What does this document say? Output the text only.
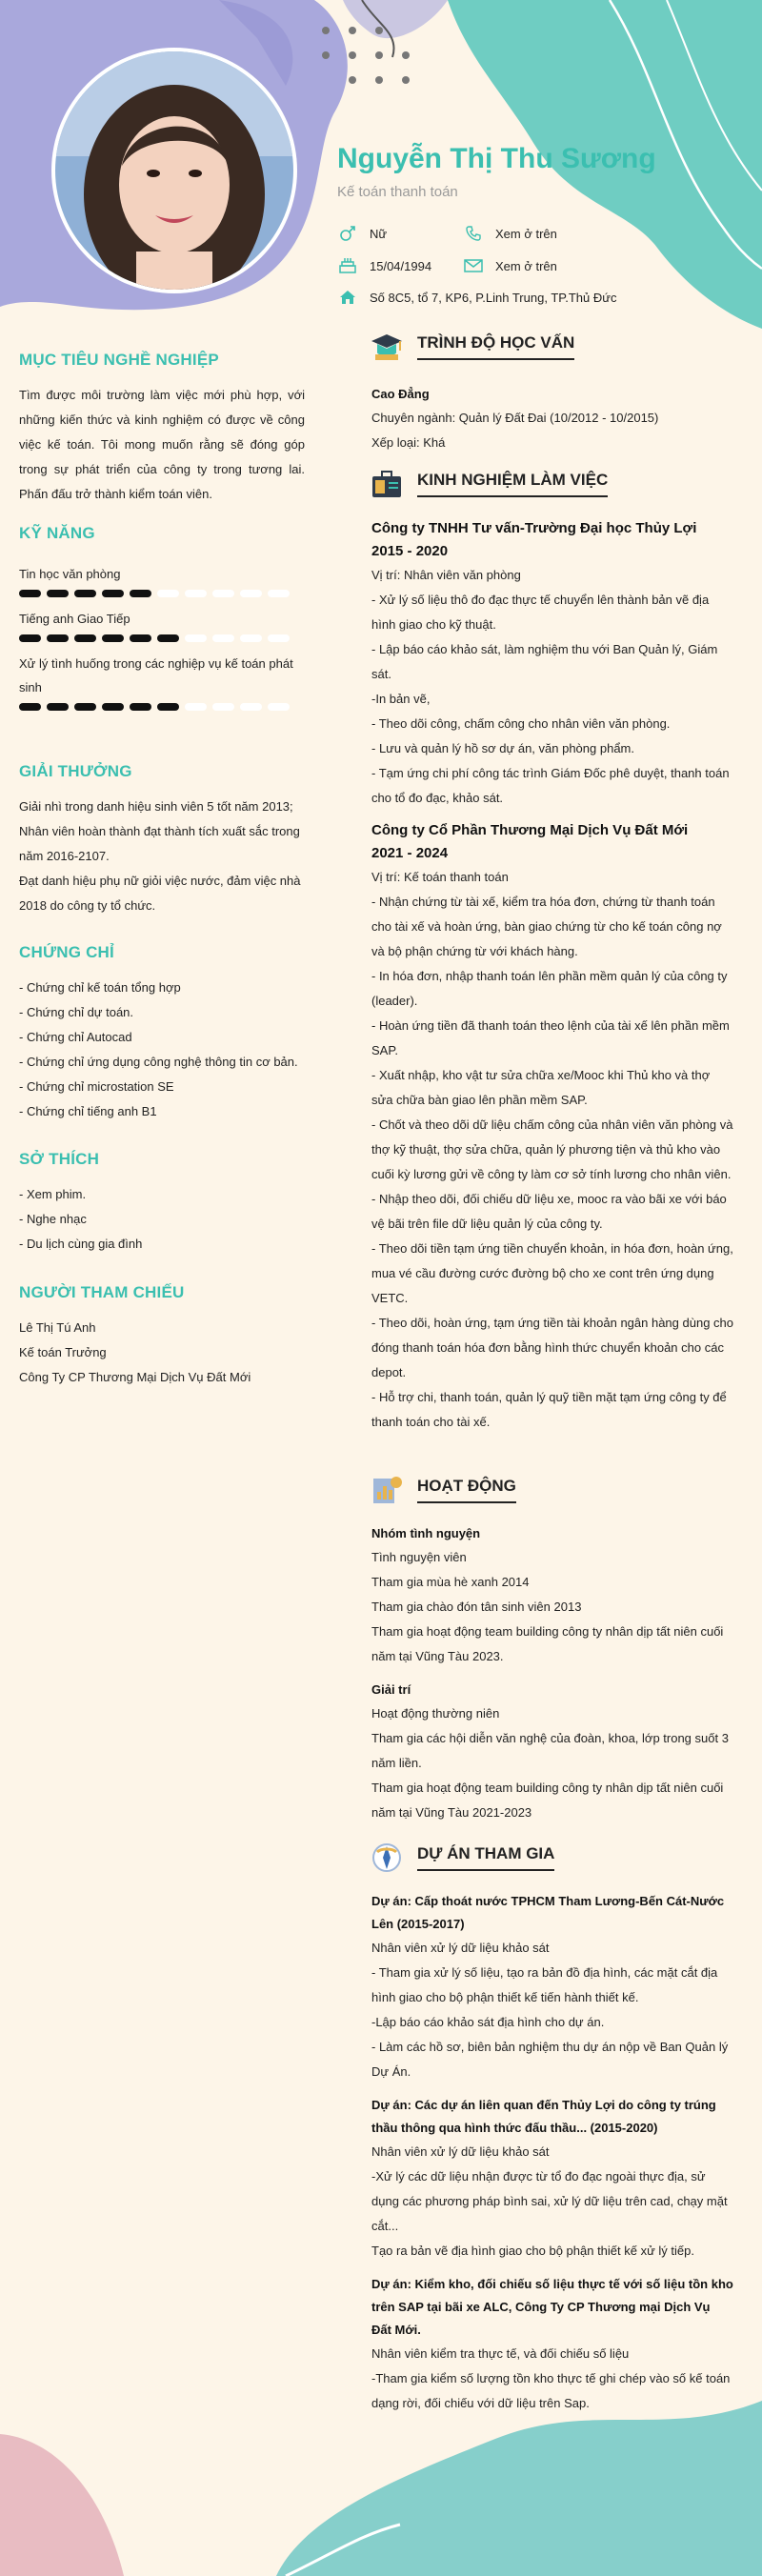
Nguyễn Thị Thu Sương
Kế toán thanh toán
Nữ	Xem ở trên
15/04/1994	Xem ở trên
Số 8C5, tổ 7, KP6, P.Linh Trung, TP.Thủ Đức
MỤC TIÊU NGHỀ NGHIỆP

Tìm được môi trường làm việc mới phù hợp, với những kiến thức và kinh nghiệm có được về công việc kế toán. Tôi mong muốn rằng sẽ đóng góp trong sự phát triển của công ty trong tương lai. Phấn đấu trở thành kiểm toán viên.

KỸ NĂNG
Tin học văn phòng
Tiếng anh Giao Tiếp
Xử lý tình huống trong các nghiệp vụ kế toán phát sinh
GIẢI THƯỞNG

Giải nhì trong danh hiệu sinh viên 5 tốt năm 2013;

Nhân viên hoàn thành đạt thành tích xuất sắc trong năm 2016-2107.

Đạt danh hiệu phụ nữ giỏi việc nước, đảm việc nhà 2018 do công ty tổ chức.

CHỨNG CHỈ
- Chứng chỉ kế toán tổng hợp
- Chứng chỉ dự toán.
- Chứng chỉ Autocad
- Chứng chỉ ứng dụng công nghệ thông tin cơ bản.
- Chứng chỉ microstation SE
- Chứng chỉ tiếng anh B1
SỞ THÍCH
- Xem phim.
- Nghe nhạc
- Du lịch cùng gia đình
NGƯỜI THAM CHIẾU

Lê Thị Tú Anh

Kế toán Trưởng

Công Ty CP Thương Mại Dịch Vụ Đất Mới

TRÌNH ĐỘ HỌC VẤN

Cao Đẳng

Chuyên ngành: Quản lý Đất Đai (10/2012 - 10/2015)

Xếp loại: Khá

KINH NGHIỆM LÀM VIỆC

Công ty TNHH Tư vấn-Trường Đại học Thủy Lợi

2015 - 2020

Vị trí: Nhân viên văn phòng

- Xử lý số liệu thô đo đạc thực tế chuyển lên thành bản vẽ địa hình giao cho kỹ thuật.

- Lập báo cáo khảo sát, làm nghiệm thu với Ban Quản lý, Giám sát.

-In bản vẽ,

- Theo dõi công, chấm công cho nhân viên văn phòng.

- Lưu và quản lý hồ sơ dự án, văn phòng phẩm.

- Tạm ứng chi phí công tác trình Giám Đốc phê duyệt, thanh toán cho tổ đo đạc, khảo sát.

Công ty Cổ Phần Thương Mại Dịch Vụ Đất Mới

2021 - 2024

Vị trí: Kế toán thanh toán

- Nhận chứng từ tài xế, kiểm tra hóa đơn, chứng từ thanh toán cho tài xế và hoàn ứng, bàn giao chứng từ cho kế toán công nợ và bộ phận chứng từ với khách hàng.

- In hóa đơn, nhập thanh toán lên phần mềm quản lý của công ty (leader).

- Hoàn ứng tiền đã thanh toán theo lệnh của tài xế lên phần mềm SAP.

- Xuất nhập, kho vật tư sửa chữa xe/Mooc khi Thủ kho và thợ sửa chữa bàn giao lên phần mềm SAP.

- Chốt và theo dõi dữ liệu chấm công của nhân viên văn phòng và thợ kỹ thuật, thợ sửa chữa, quản lý phương tiện và thủ kho vào cuối kỳ lương gửi về công ty làm cơ sở tính lương cho nhân viên.

- Nhập theo dõi, đối chiếu dữ liệu xe, mooc ra vào bãi xe với báo vệ bãi trên file dữ liệu quản lý của công ty.

- Theo dõi tiền tạm ứng tiền chuyển khoản, in hóa đơn, hoàn ứng, mua vé cầu đường cước đường bộ cho xe cont trên ứng dụng VETC.

- Theo dõi, hoàn ứng, tạm ứng tiền tài khoản ngân hàng dùng cho đóng thanh toán hóa đơn bằng hình thức chuyển khoản cho các depot.

- Hỗ trợ chi, thanh toán, quản lý quỹ tiền mặt tạm ứng công ty để thanh toán cho tài xế.

HOẠT ĐỘNG

Nhóm tình nguyện

Tình nguyện viên

Tham gia mùa hè xanh 2014

Tham gia chào đón tân sinh viên 2013

Tham gia hoạt động team building công ty nhân dịp tất niên cuối năm tại Vũng Tàu 2023.

Giải trí

Hoạt động thường niên

Tham gia các hội diễn văn nghệ của đoàn, khoa, lớp trong suốt 3 năm liền.

Tham gia hoạt động team building công ty nhân dịp tất niên cuối năm tại Vũng Tàu 2021-2023

DỰ ÁN THAM GIA

Dự án: Cấp thoát nước TPHCM Tham Lương-Bến Cát-Nước Lên (2015-2017)

Nhân viên xử lý dữ liệu khảo sát

- Tham gia xử lý số liệu, tạo ra bản đồ địa hình, các mặt cắt địa hình giao cho bộ phận thiết kế tiến hành thiết kế.

-Lập báo cáo khảo sát địa hình cho dự án.

- Làm các hồ sơ, biên bản nghiệm thu dự án nộp về Ban Quản lý Dự Án.

Dự án: Các dự án liên quan đến Thủy Lợi do công ty trúng thầu thông qua hình thức đấu thầu... (2015-2020)

Nhân viên xử lý dữ liệu khảo sát

-Xử lý các dữ liệu nhận được từ tổ đo đạc ngoài thực địa, sử dụng các phương pháp bình sai, xử lý dữ liệu trên cad, chạy mặt cắt...

Tạo ra bản vẽ địa hình giao cho bộ phận thiết kế xử lý tiếp.

Dự án: Kiểm kho, đối chiếu số liệu thực tế với số liệu tồn kho trên SAP tại bãi xe ALC, Công Ty CP Thương mại Dịch Vụ Đất Mới.

Nhân viên kiểm tra thực tế, và đối chiếu số liệu

-Tham gia kiểm số lượng tồn kho thực tế ghi chép vào số kế toán dạng rời, đối chiếu với dữ liệu trên Sap.
